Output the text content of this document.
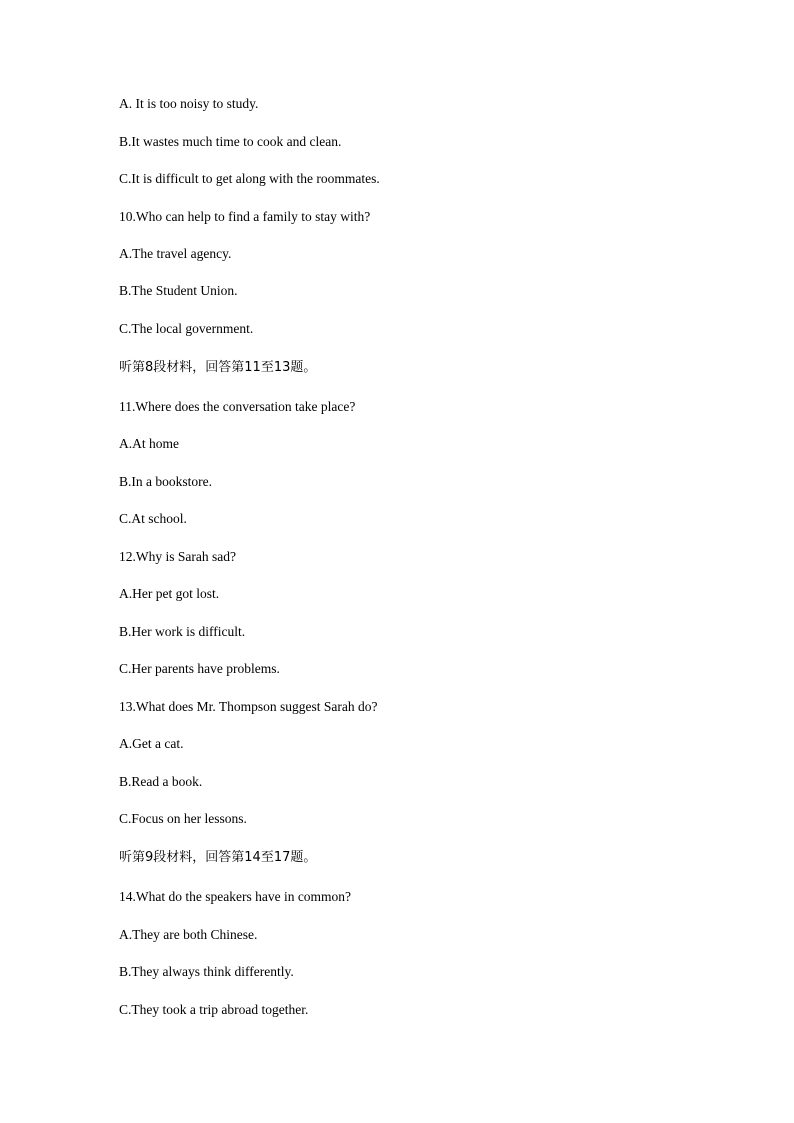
A. It is too noisy to study.
B.It wastes much time to cook and clean.
C.It is difficult to get along with the roommates.
10.Who can help to find a family to stay with?
A.The travel agency.
B.The Student Union.
C.The local government.
听第8段材料，回答第11至13题。
11.Where does the conversation take place?
A.At home
B.In a bookstore.
C.At school.
12.Why is Sarah sad?
A.Her pet got lost.
B.Her work is difficult.
C.Her parents have problems.
13.What does Mr. Thompson suggest Sarah do?
A.Get a cat.
B.Read a book.
C.Focus on her lessons.
听第9段材料，回答第14至17题。
14.What do the speakers have in common?
A.They are both Chinese.
B.They always think differently.
C.They took a trip abroad together.
